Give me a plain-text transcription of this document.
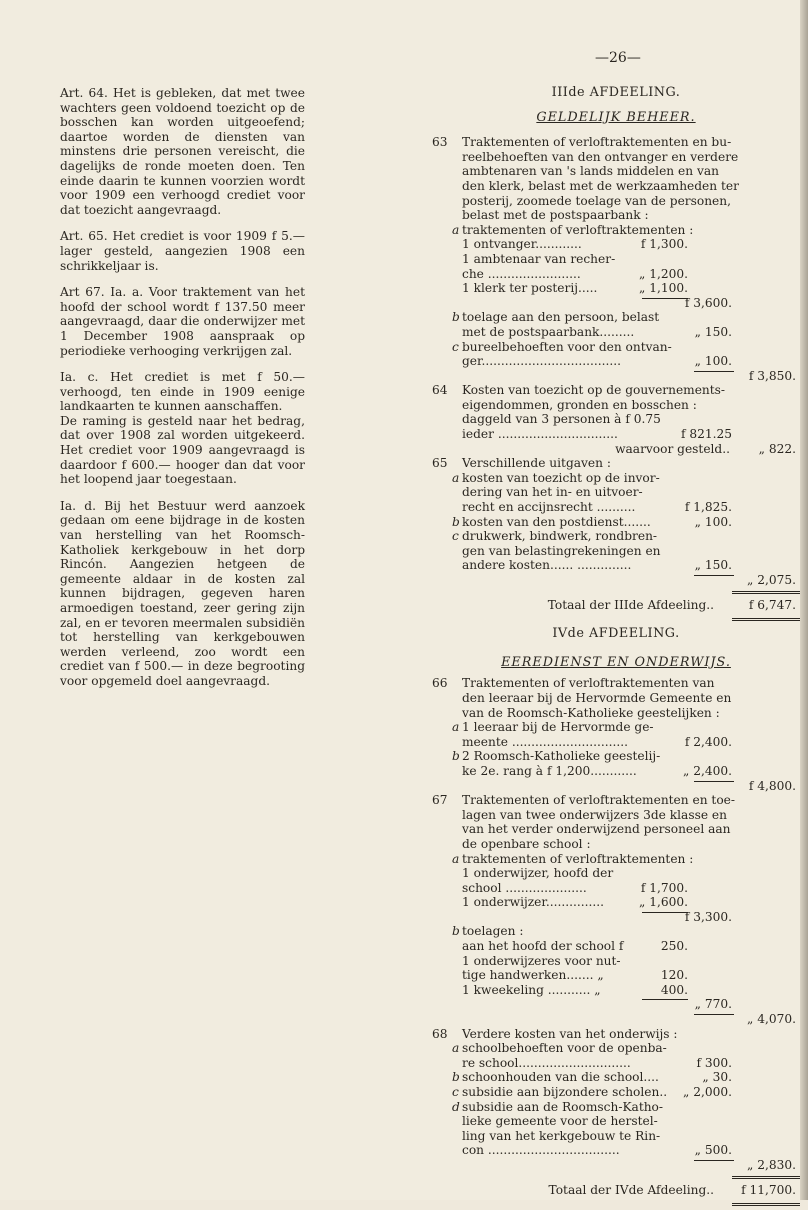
—26—

Art. 64. Het is gebleken, dat met twee wachters geen voldoend toezicht op de bosschen kan worden uitgeoefend; daartoe worden de diensten van minstens drie personen vereischt, die dagelijks de ronde moeten doen. Ten einde daarin te kunnen voorzien wordt voor 1909 een verhoogd crediet voor dat toezicht aangevraagd.

Art. 65. Het crediet is voor 1909 f 5.— lager gesteld, aangezien 1908 een schrikkeljaar is.

Art 67. Ia. a. Voor traktement van het hoofd der school wordt f 137.50 meer aangevraagd, daar die onderwijzer met 1 December 1908 aanspraak op periodieke verhooging verkrijgen zal.

Ia. c. Het crediet is met f 50.— verhoogd, ten einde in 1909 eenige landkaarten te kunnen aanschaffen.

De raming is gesteld naar het bedrag, dat over 1908 zal worden uitgekeerd. Het crediet voor 1909 aangevraagd is daardoor f 600.— hooger dan dat voor het loopend jaar toegestaan.

Ia. d. Bij het Bestuur werd aanzoek gedaan om eene bijdrage in de kosten van herstelling van het Roomsch-Katholiek kerkgebouw in het dorp Rincón. Aangezien hetgeen de gemeente aldaar in de kosten zal kunnen bijdragen, gegeven haren armoedigen toestand, zeer gering zijn zal, en er tevoren meermalen subsidiën tot herstelling van kerkgebouwen werden verleend, zoo wordt een crediet van f 500.— in deze begrooting voor opgemeld doel aangevraagd.

IIIde AFDEELING.
GELDELIJK BEHEER.
63 Traktementen of verloftraktementen en bu-
reelbehoeften van den ontvanger en verdere
ambtenaren van 's lands middelen en van
den klerk, belast met de werkzaamheden ter
posterij, zoomede toelage van de personen,
belast met de postspaarbank :
a traktementen of verloftraktementen :
1 ontvanger............	f 1,300.
1 ambtenaar van recher-
che ........................	„ 1,200.
1 klerk ter posterij.....	„ 1,100.
f 3,600.
b toelage aan den persoon, belast
met de postspaarbank.........	„ 150.
c bureelbehoeften voor den ontvan-
ger....................................	„ 100.
f 3,850.
64 Kosten van toezicht op de gouvernements-
eigendommen, gronden en bosschen :
daggeld van 3 personen à f 0.75
ieder ...............................	f 821.25
waarvoor gesteld.. „ 822.
65 Verschillende uitgaven :
a kosten van toezicht op de invor-
dering van het in- en uitvoer-
recht en accijnsrecht ..........	f 1,825.
b kosten van den postdienst.......	„ 100.
c drukwerk, bindwerk, rondbren-
gen van belastingrekeningen en
andere kosten...... ..............	„ 150.
„ 2,075.
Totaal der IIIde Afdeeling..	f 6,747.
IVde AFDEELING.
EEREDIENST EN ONDERWIJS.
66 Traktementen of verloftraktementen van
den leeraar bij de Hervormde Gemeente en
van de Roomsch-Katholieke geestelijken :
a 1 leeraar bij de Hervormde ge-
meente ..............................	f 2,400.
b 2 Roomsch-Katholieke geestelij-
ke 2e. rang à f 1,200............	„ 2,400.
f 4,800.
67 Traktementen of verloftraktementen en toe-
lagen van twee onderwijzers 3de klasse en
van het verder onderwijzend personeel aan
de openbare school :
a traktementen of verloftraktementen :
1 onderwijzer, hoofd der
school .....................	f 1,700.
1 onderwijzer...............	„ 1,600.
f 3,300.
b toelagen :
aan het hoofd der school f	250.
1 onderwijzeres voor nut-
tige handwerken....... „	120.
1 kweekeling ........... „	400.
„ 770.
„ 4,070.
68 Verdere kosten van het onderwijs :
a schoolbehoeften voor de openba-
re school.............................	f 300.
b schoonhouden van die school....	„ 30.
c subsidie aan bijzondere scholen.. „ 2,000.
d subsidie aan de Roomsch-Katho-
lieke gemeente voor de herstel-
ling van het kerkgebouw te Rin-
con ..................................	„ 500.
„ 2,830.
Totaal der IVde Afdeeling.. f 11,700.
